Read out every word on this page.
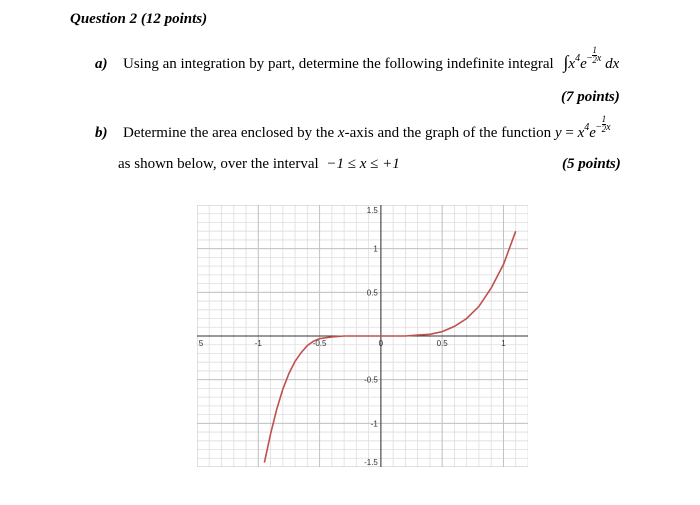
Question 2 (12 points)
a) Using an integration by part, determine the following indefinite integral $\int x^4e^-\frac{1}{2} ^x$ dx
(7 points)
b) Determine the area enclosed by the x-axis and the graph of the function $y = x^4e^-\frac{1}{2} ^x$
as shown below, over the interval −1 ≤ x ≤ +1	(5 points)
5	-1	-0.5	0	0.5	1
1.5
1
0.5
-0.5
-1
-1.5
